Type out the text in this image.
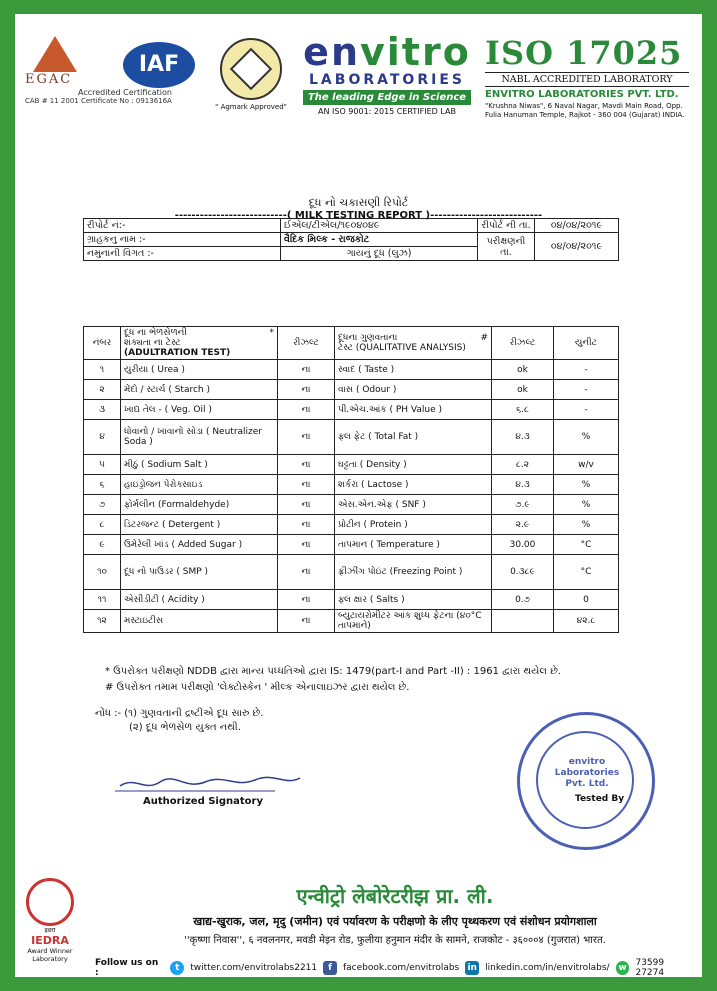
EGAC
Accredited Certification
CAB # 11 2001 Certificate No : 0913616A
IAF
" Agmark Approved"
envitro
LABORATORIES
The leading Edge in Science
AN ISO 9001: 2015 CERTIFIED LAB
ISO 17025
NABL ACCREDITED LABORATORY
ENVITRO LABORATORIES PVT. LTD.
"Krushna Niwas", 6 Naval Nagar, Mavdi Main Road, Opp. Fulia Hanuman Temple, Rajkot - 360 004 (Gujarat) INDIA.
દૂધ નો ચકાસણી રિપોર્ટ
---------------------------( MILK TESTING REPORT )---------------------------
રીપોર્ટ નં:-	ઈએલ/ટીએલ/૧૯૦૪૦૪૯	રીપોર્ટ ની તા.	૦૪/૦૪/૨૦૧૯
ગ્રાહકનુ નામ :-	વૈદિક મિલ્ક - રાજકોટ	પરીક્ષણની તા.	૦૪/૦૪/૨૦૧૯
નમુનાની વિગત :-	ગાયનું દૂધ (લુઝ)		
નંબર	દૂધ ના ભેળસેળની *

શક્યતા ના ટેસ્ટ
(ADULTRATION TEST)	રીઝલ્ટ	દૂધના ગુણવતાના #

ટેસ્ટ (QUALITATIVE ANALYSIS)	રીઝલ્ટ	યુનીટ
૧	યુરીયા ( Urea )	ના	સ્વાદ ( Taste )	ok	-
૨	મેંદો / સ્ટાર્ચ ( Starch )	ના	વાસ ( Odour )	ok	-
૩	ખાદ્ય તેલ - ( Veg. Oil )	ના	પી.એચ.આંક ( PH Value )	૬.૮	-
૪	ધોવાનો / ખાવાનો સોડા ( Neutralizer Soda )	ના	ફ્લ ફેટ ( Total Fat )	૪.૩	%
૫	મીઠું ( Sodium Salt )	ના	ઘટ્ટતા ( Density )	૮.૨	w/v
૬	હાઇડ્રોજન પેરોક્સાઇડ	ના	શર્કરા ( Lactose )	૪.૩	%
૭	ફોર્મલીન (Formaldehyde)	ના	એસ.એન.એફ ( SNF )	૭.૯	%
૮	ડિટરજન્ટ ( Detergent )	ના	પ્રોટીન ( Protein )	૨.૯	%
૯	ઉમેરેલી ખાંડ ( Added Sugar )	ના	તાપમાન ( Temperature )	30.00	°C
૧૦	દૂધ નો પાઉડર ( SMP )	ના	ફ્રીઝીંગ પોઇંટ (Freezing Point )	0.૩૮૯	°C
૧૧	એસીડીટી ( Acidity )	ના	ફ્લ ક્ષાર ( Salts )	0.૭	0
૧૨	મસ્ટાઇટીસ	ના	બ્યુટાયરોમીટર આંક શુધ્ધ ફેટના (૪૦°C તાપમાને)		૪૨.૮
* ઉપરોક્ત પરીક્ષણો NDDB દ્વારા માન્ય પધ્ધતિઓ દ્વારા IS: 1479(part-I and Part -II) : 1961 દ્વારા થયેલ છે.
# ઉપરોક્ત તમામ પરીક્ષણો 'લેક્ટોસ્કેન ' મીલ્ક એનાલાઇઝર દ્વારા થયેલ છે.
નોંધ :- (૧) ગુણવતાની દ્રષ્ટીએ દૂધ સારુ છે.
(૨) દૂધ ભેળસેળ યુક્ત નથી.
Authorized Signatory
envitro
Laboratories
Pvt. Ltd.
Tested By
इडरा
IEDRA
Award Winner Laboratory
एन्वीट्रो लेबोरेटरीझ प्रा. ली.
खाद्य-खुराक, जल, मृदु (जमीन) एवं पर्यावरण के परीक्षणो के लीए पृथ्थकरण एवं संशोधन प्रयोगशाला
''कृष्णा निवास'', ६ नवलनगर, मवडी मेइन रोड, फुलीया हनुमान मंदीर के सामने, राजकोट - ३६०००४ (गुजरात) भारत.
Follow us on :	t	twitter.com/envitrolabs2211	f	facebook.com/envitrolabs in linkedin.com/in/envitrolabs/ w 73599 27274
